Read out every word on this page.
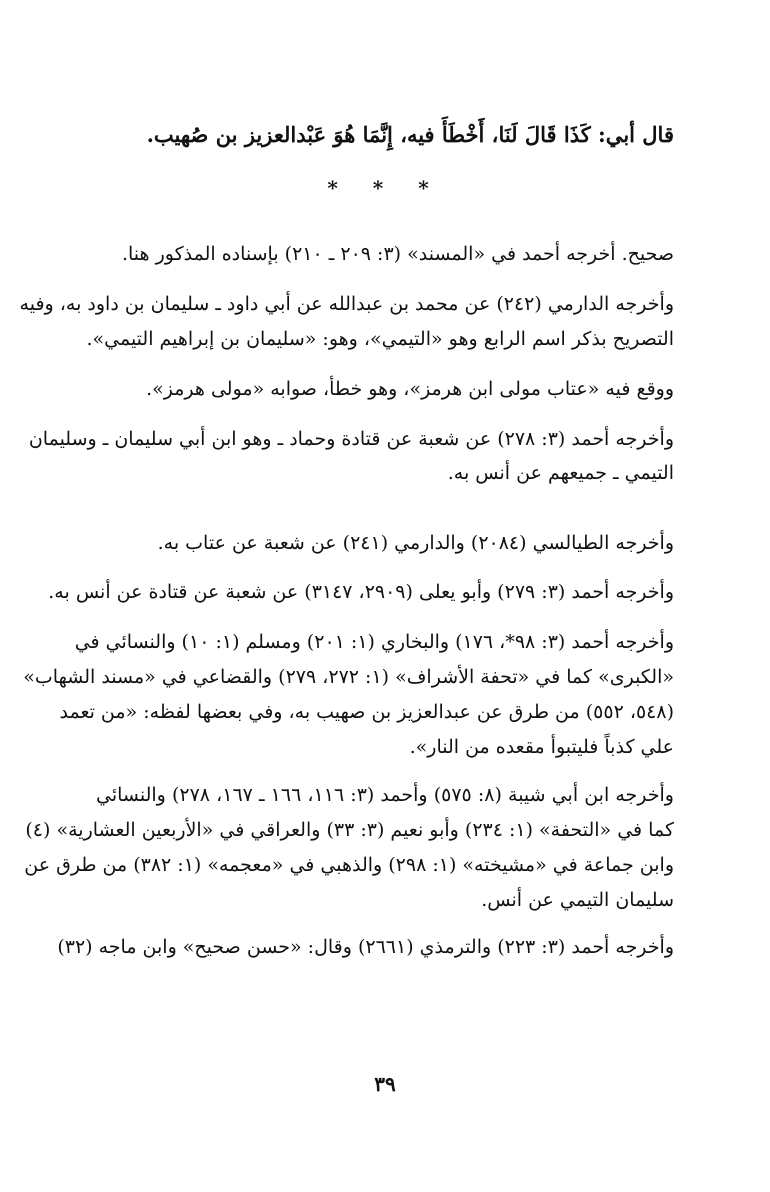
قال أبي: كَذَا قَالَ لَنَا، أَخْطَأَ فيه، إِنَّمَا هُوَ عَبْدالعزيز بن صُهيب.
* * *
صحيح. أخرجه أحمد في «المسند» (٣: ٢٠٩ ـ ٢١٠) بإسناده المذكور هنا.
وأخرجه الدارمي (٢٤٢) عن محمد بن عبدالله عن أبي داود ـ سليمان بن داود به، وفيه
التصريح بذكر اسم الرابع وهو «التيمي»، وهو: «سليمان بن إبراهيم التيمي».
ووقع فيه «عتاب مولى ابن هرمز»، وهو خطأ، صوابه «مولى هرمز».
وأخرجه أحمد (٣: ٢٧٨) عن شعبة عن قتادة وحماد ـ وهو ابن أبي سليمان ـ وسليمان
التيمي ـ جميعهم عن أنس به.
وأخرجه الطيالسي (٢٠٨٤) والدارمي (٢٤١) عن شعبة عن عتاب به.
وأخرجه أحمد (٣: ٢٧٩) وأبو يعلى (٢٩٠٩، ٣١٤٧) عن شعبة عن قتادة عن أنس به.
وأخرجه أحمد (٣: ٩٨*، ١٧٦) والبخاري (١: ٢٠١) ومسلم (١: ١٠) والنسائي في
«الكبرى» كما في «تحفة الأشراف» (١: ٢٧٢، ٢٧٩) والقضاعي في «مسند الشهاب»
(٥٤٨، ٥٥٢) من طرق عن عبدالعزيز بن صهيب به، وفي بعضها لفظه: «من تعمد
علي كذباً فليتبوأ مقعده من النار».
وأخرجه ابن أبي شيبة (٨: ٥٧٥) وأحمد (٣: ١١٦، ١٦٦ ـ ١٦٧، ٢٧٨) والنسائي
كما في «التحفة» (١: ٢٣٤) وأبو نعيم (٣: ٣٣) والعراقي في «الأربعين العشارية» (٤)
وابن جماعة في «مشيخته» (١: ٢٩٨) والذهبي في «معجمه» (١: ٣٨٢) من طرق عن
سليمان التيمي عن أنس.
وأخرجه أحمد (٣: ٢٢٣) والترمذي (٢٦٦١) وقال: «حسن صحيح» وابن ماجه (٣٢)
٣٩
